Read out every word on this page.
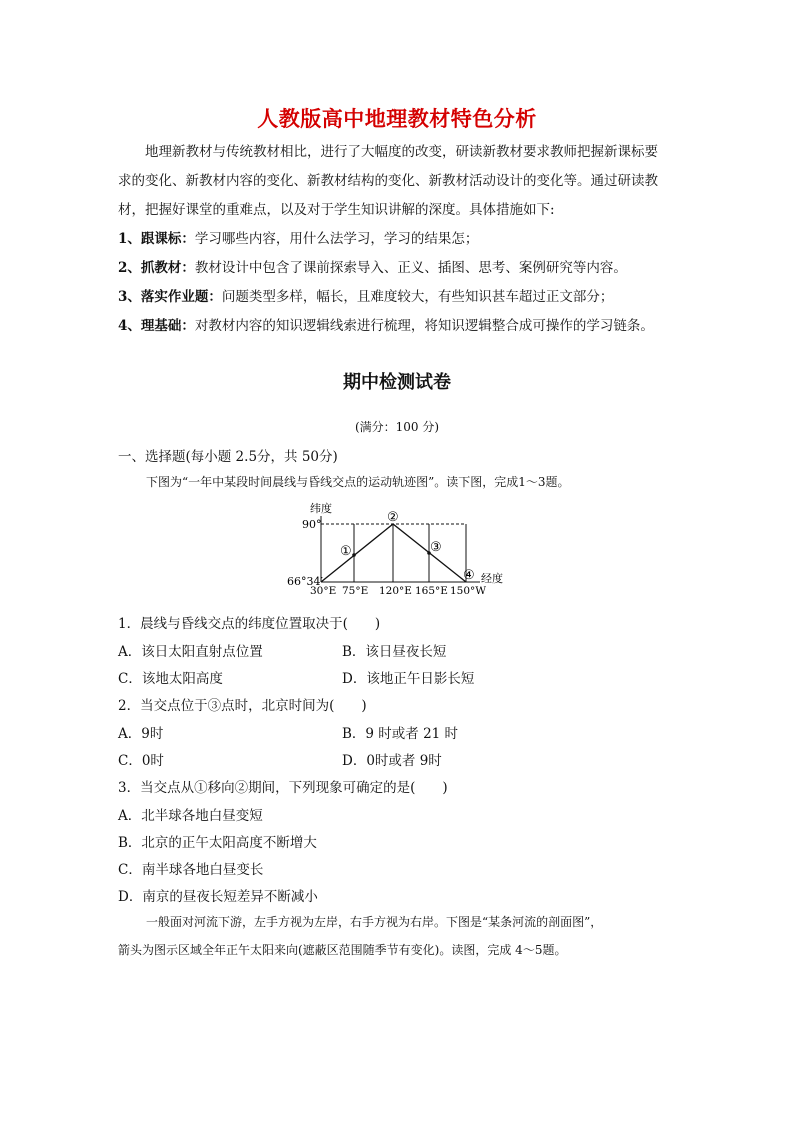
人教版高中地理教材特色分析

地理新教材与传统教材相比，进行了大幅度的改变，研读新教材要求教师把握新课标要

求的变化、新教材内容的变化、新教材结构的变化、新教材活动设计的变化等。通过研读教

材，把握好课堂的重难点，以及对于学生知识讲解的深度。具体措施如下:

1、跟课标：学习哪些内容，用什么法学习，学习的结果怎；

2、抓教材：教材设计中包含了课前探索导入、正义、插图、思考、案例研究等内容。

3、落实作业题：问题类型多样，幅长，且难度较大，有些知识甚车超过正文部分；

4、理基础：对教材内容的知识逻辑线索进行梳理，将知识逻辑整合成可操作的学习链条。

期中检测试卷
(满分：100 分)
一、选择题(每小题 2.5分，共 50分)
下图为“一年中某段时间晨线与昏线交点的运动轨迹图”。读下图，完成1～3题。
纬度
90°
66°34′
①
②
③
④ 经度
30°E 75°E 120°E 165°E 150°W
1．晨线与昏线交点的纬度位置取决于(　　)
A．该日太阳直射点位置	B．该日昼夜长短
C．该地太阳高度	D．该地正午日影长短
2．当交点位于③点时，北京时间为(　　)
A．9时	B．9 时或者 21 时
C．0时	D．0时或者 9时
3．当交点从①移向②期间，下列现象可确定的是(　　)
A．北半球各地白昼变短
B．北京的正午太阳高度不断增大
C．南半球各地白昼变长
D．南京的昼夜长短差异不断减小
一般面对河流下游，左手方视为左岸，右手方视为右岸。下图是“某条河流的剖面图”，
箭头为图示区域全年正午太阳来向(遮蔽区范围随季节有变化)。读图，完成 4～5题。
